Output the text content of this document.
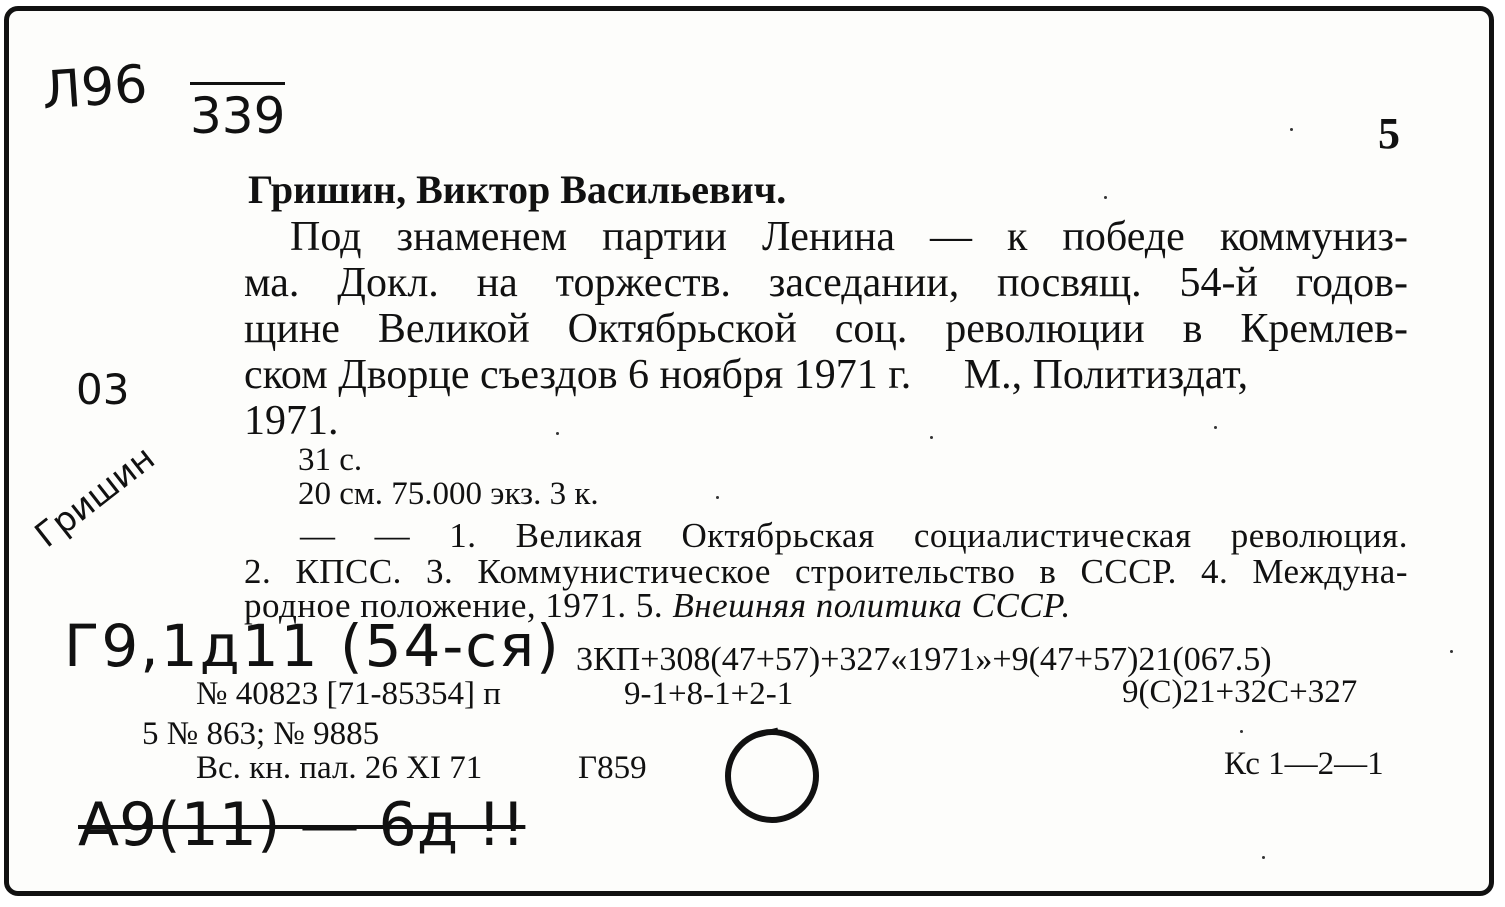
Л96 339
03
Гришин
Г9,1д11 (54-ся)
А9(11) — 6д !!
5
Гришин, Виктор Васильевич.
Под знаменем партии Ленина — к победе коммуниз-
ма. Докл. на торжеств. заседании, посвящ. 54-й годов-
щине Великой Октябрьской соц. революции в Кремлев-
ском Дворце съездов 6 ноября 1971 г.     М., Политиздат,
1971.
31 с.
20 см. 75.000 экз. 3 к.
— — 1. Великая Октябрьская социалистическая революция.
2. КПСС. 3. Коммунистическое строительство в СССР. 4. Междуна-
родное положение, 1971. 5. Внешняя политика СССР.
3КП+308(47+57)+327«1971»+9(47+57)21(067.5)
№ 40823 [71-85354] п	9-1+8-1+2-1	9(С)21+32С+327
5 № 863; № 9885
Вс. кн. пал. 26 XI 71	Г859	Кс 1—2—1
